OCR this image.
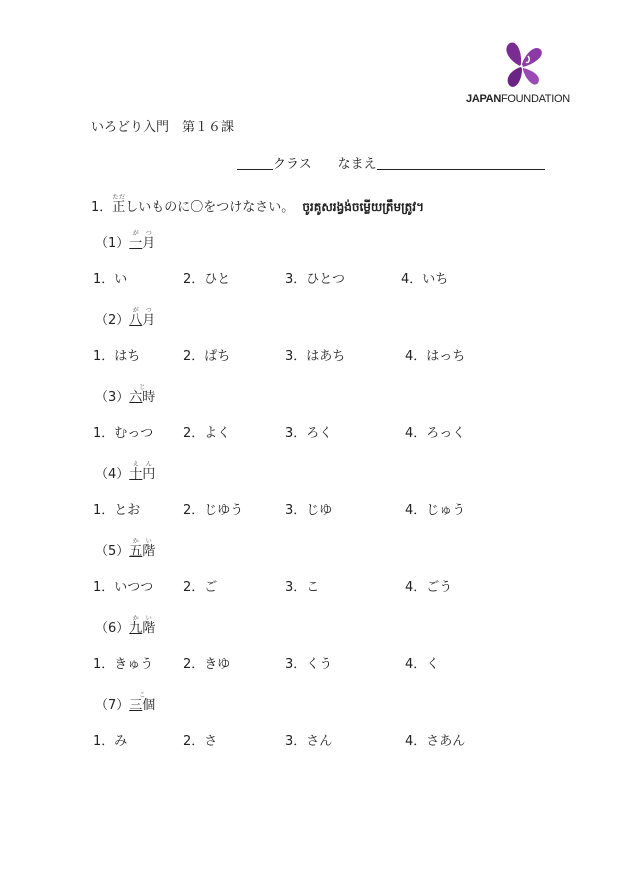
JAPANFOUNDATION
いろどり入門　第１６課
クラス なまえ
1．正ただしいものに〇をつけなさい。 ចូរគូសរង្វង់ចម្លើយត្រឹមត្រូវ។
（1）一月がつ
1．い	2．ひと	3．ひとつ	4．いち
（2）八月がつ
1．はち	2．ぱち	3．はあち	4．はっち
（3）六時じ
1．むっつ 2．よく	3．ろく	4．ろっく
（4）十円えん
1．とお	2．じゆう	3．じゆ	4．じゅう
（5）五階かい
1．いつつ 2．ご	3．こ	4．ごう
（6）九階かい
1．きゅう 2．きゆ	3．くう	4．く
（7）三個こ
1．み	2．さ	3．さん	4．さあん
